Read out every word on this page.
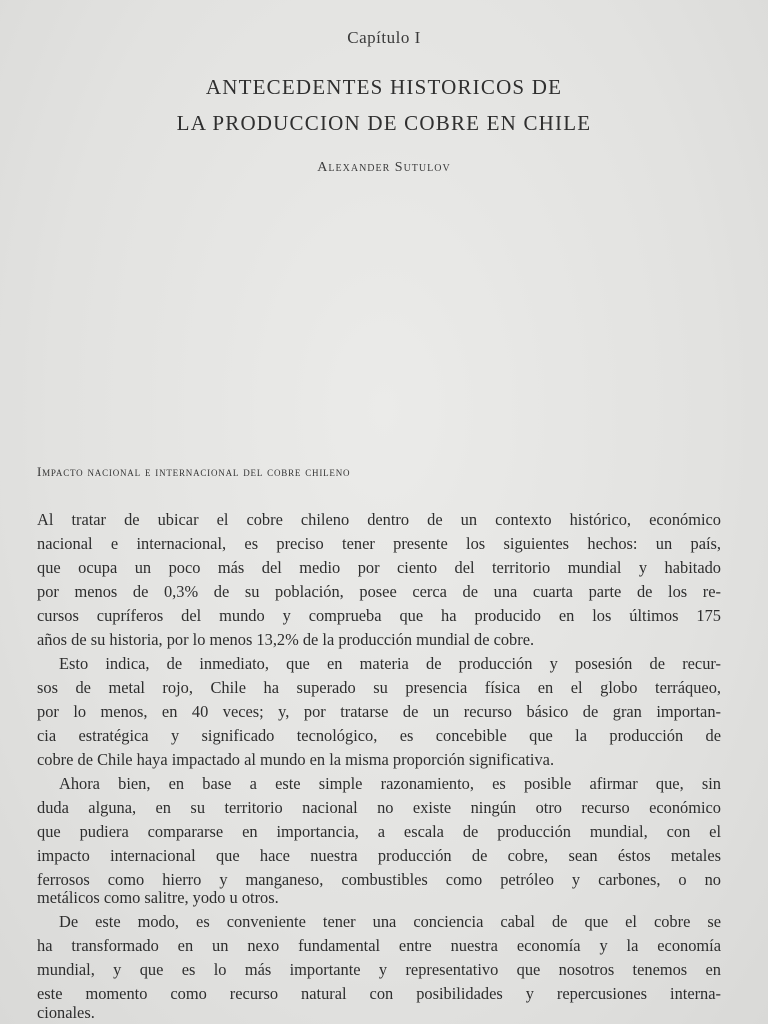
Capítulo I
ANTECEDENTES HISTORICOS DE
LA PRODUCCION DE COBRE EN CHILE
Alexander Sutulov
Impacto nacional e internacional del cobre chileno
Al tratar de ubicar el cobre chileno dentro de un contexto histórico, económico
nacional e internacional, es preciso tener presente los siguientes hechos: un país,
que ocupa un poco más del medio por ciento del territorio mundial y habitado
por menos de 0,3% de su población, posee cerca de una cuarta parte de los re-
cursos cupríferos del mundo y comprueba que ha producido en los últimos 175
años de su historia, por lo menos 13,2% de la producción mundial de cobre.
Esto indica, de inmediato, que en materia de producción y posesión de recur-
sos de metal rojo, Chile ha superado su presencia física en el globo terráqueo,
por lo menos, en 40 veces; y, por tratarse de un recurso básico de gran importan-
cia estratégica y significado tecnológico, es concebible que la producción de
cobre de Chile haya impactado al mundo en la misma proporción significativa.
Ahora bien, en base a este simple razonamiento, es posible afirmar que, sin
duda alguna, en su territorio nacional no existe ningún otro recurso económico
que pudiera compararse en importancia, a escala de producción mundial, con el
impacto internacional que hace nuestra producción de cobre, sean éstos metales
ferrosos como hierro y manganeso, combustibles como petróleo y carbones, o no
metálicos como salitre, yodo u otros.
De este modo, es conveniente tener una conciencia cabal de que el cobre se
ha transformado en un nexo fundamental entre nuestra economía y la economía
mundial, y que es lo más importante y representativo que nosotros tenemos en
este momento como recurso natural con posibilidades y repercusiones interna-
cionales.
